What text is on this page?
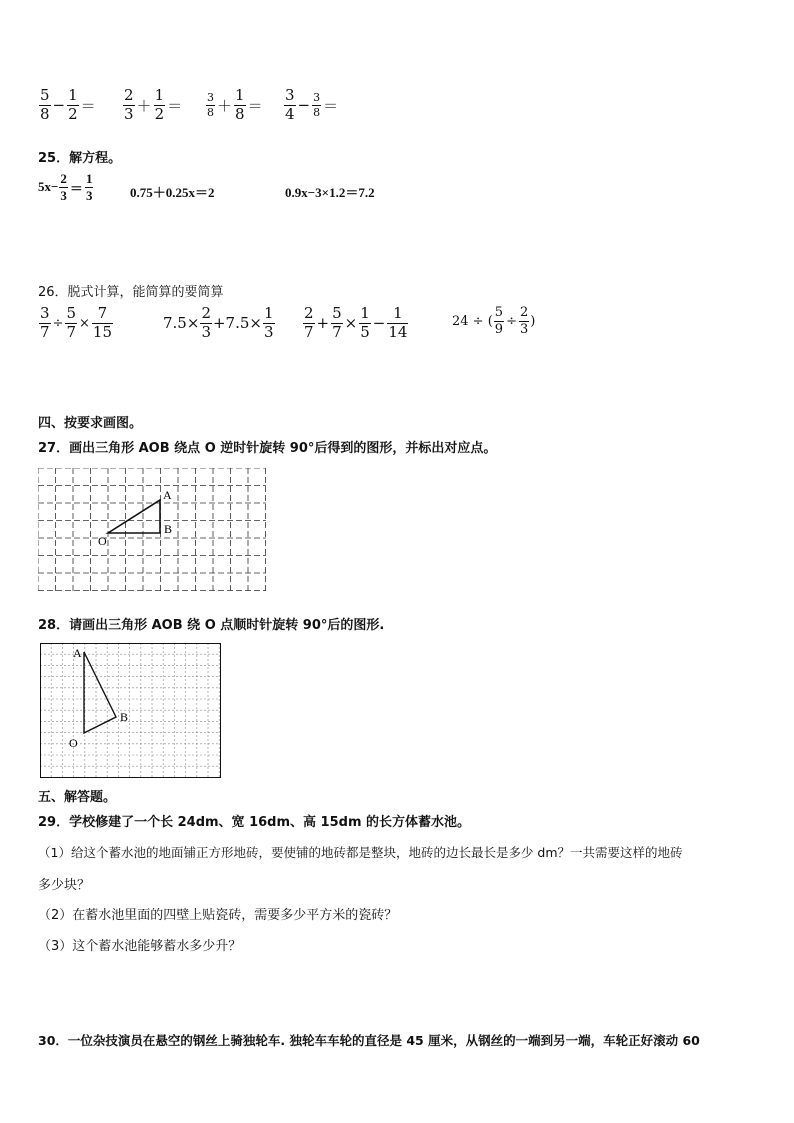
$\frac{5}{8} - \frac{1}{2} = \frac{2}{3} + \frac{1}{2} = \frac{3}{8} + \frac{1}{8} = \frac{3}{4} - \frac{3}{8}$ ＝
25．解方程。
$5x- \frac{2}{3} = \frac{1}{3}$	0.75＋0.25x＝2	0.9x−3×1.2＝7.2
26．脱式计算，能简算的要简算
$\frac{3}{7} \div \frac{5}{7} \times \frac{7}{15}$	$7.5\times \frac{2}{3} +7.5\times \frac{1}{3} \frac{2}{7} + \frac{5}{7} \times \frac{1}{5} - \frac{1}{14}$	24 ÷ ( $\frac{5}{9} \div \frac{2}{3}$ )
四、按要求画图。
27．画出三角形 AOB 绕点 O 逆时针旋转 90°后得到的图形，并标出对应点。
A
B
O
28．请画出三角形 AOB 绕 O 点顺时针旋转 90°后的图形.
A
B
O
五、解答题。
29．学校修建了一个长 24dm、宽 16dm、高 15dm 的长方体蓄水池。
（1）给这个蓄水池的地面铺正方形地砖，要使铺的地砖都是整块，地砖的边长最长是多少 dm？一共需要这样的地砖
多少块？
（2）在蓄水池里面的四壁上贴瓷砖，需要多少平方米的瓷砖？
（3）这个蓄水池能够蓄水多少升？
30．一位杂技演员在悬空的钢丝上骑独轮车. 独轮车车轮的直径是 45 厘米，从钢丝的一端到另一端，车轮正好滚动 60
